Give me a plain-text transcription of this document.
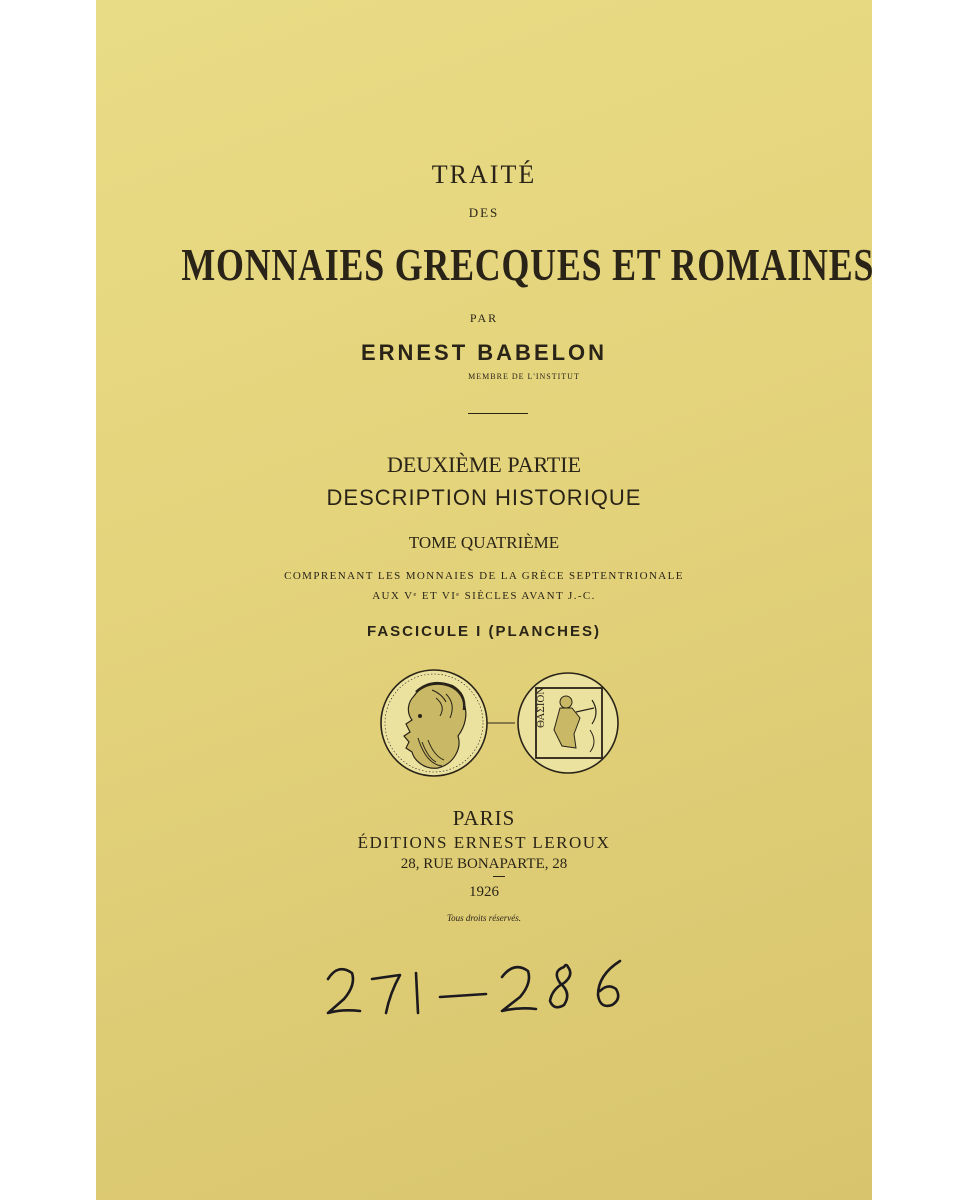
TRAITÉ
DES
MONNAIES GRECQUES ET ROMAINES
PAR
ERNEST BABELON
MEMBRE DE L'INSTITUT
DEUXIÈME PARTIE
DESCRIPTION HISTORIQUE
TOME QUATRIÈME
COMPRENANT LES MONNAIES DE LA GRÈCE SEPTENTRIONALE
AUX Vᵉ ET VIᵉ SIÈCLES AVANT J.-C.
FASCICULE I (PLANCHES)
ΘΑΣΙΟΝ
PARIS
ÉDITIONS ERNEST LEROUX
28, RUE BONAPARTE, 28
1926
Tous droits réservés.
